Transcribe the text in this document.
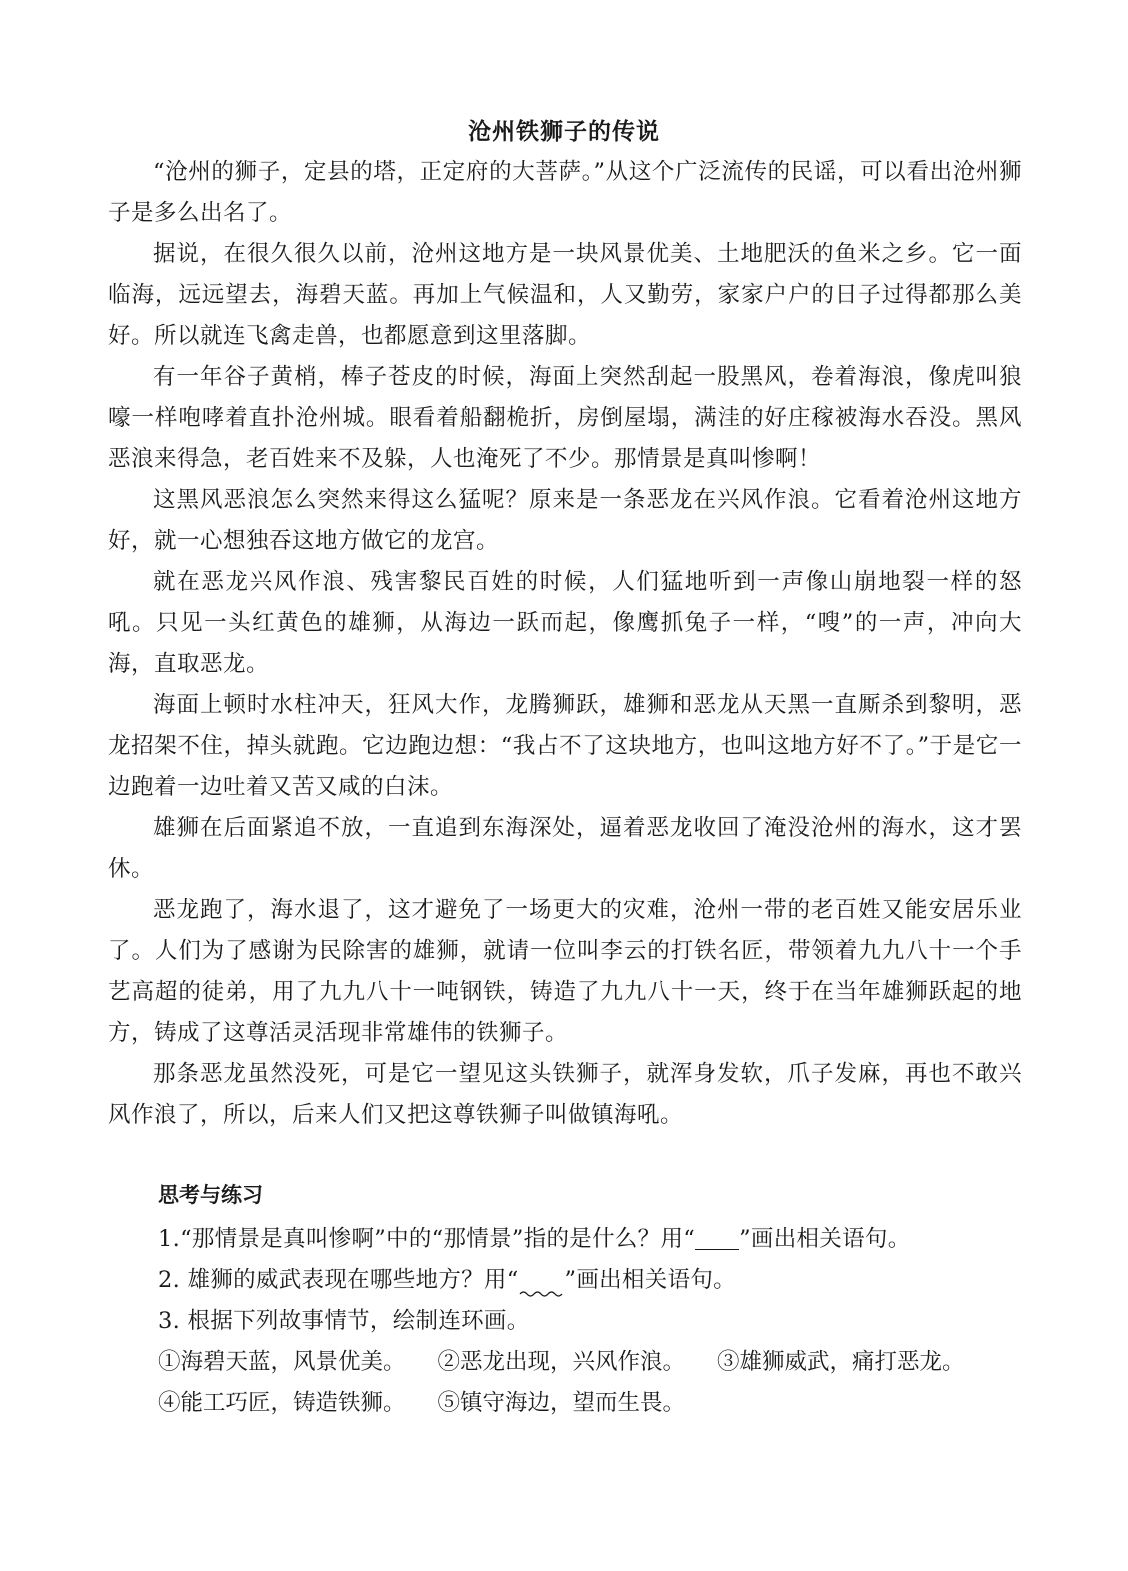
沧州铁狮子的传说

“沧州的狮子，定县的塔，正定府的大菩萨。”从这个广泛流传的民谣，可以看出沧州狮子是多么出名了。

据说，在很久很久以前，沧州这地方是一块风景优美、土地肥沃的鱼米之乡。它一面临海，远远望去，海碧天蓝。再加上气候温和，人又勤劳，家家户户的日子过得都那么美好。所以就连飞禽走兽，也都愿意到这里落脚。

有一年谷子黄梢，棒子苍皮的时候，海面上突然刮起一股黑风，卷着海浪，像虎叫狼嚎一样咆哮着直扑沧州城。眼看着船翻桅折，房倒屋塌，满洼的好庄稼被海水吞没。黑风恶浪来得急，老百姓来不及躲，人也淹死了不少。那情景是真叫惨啊！

这黑风恶浪怎么突然来得这么猛呢？原来是一条恶龙在兴风作浪。它看着沧州这地方好，就一心想独吞这地方做它的龙宫。

就在恶龙兴风作浪、残害黎民百姓的时候，人们猛地听到一声像山崩地裂一样的怒吼。只见一头红黄色的雄狮，从海边一跃而起，像鹰抓兔子一样，“嗖”的一声，冲向大海，直取恶龙。

海面上顿时水柱冲天，狂风大作，龙腾狮跃，雄狮和恶龙从天黑一直厮杀到黎明，恶龙招架不住，掉头就跑。它边跑边想：“我占不了这块地方，也叫这地方好不了。”于是它一边跑着一边吐着又苦又咸的白沫。

雄狮在后面紧追不放，一直追到东海深处，逼着恶龙收回了淹没沧州的海水，这才罢休。

恶龙跑了，海水退了，这才避免了一场更大的灾难，沧州一带的老百姓又能安居乐业了。人们为了感谢为民除害的雄狮，就请一位叫李云的打铁名匠，带领着九九八十一个手艺高超的徒弟，用了九九八十一吨钢铁，铸造了九九八十一天，终于在当年雄狮跃起的地方，铸成了这尊活灵活现非常雄伟的铁狮子。

那条恶龙虽然没死，可是它一望见这头铁狮子，就浑身发软，爪子发麻，再也不敢兴风作浪了，所以，后来人们又把这尊铁狮子叫做镇海吼。

思考与练习
1.“那情景是真叫惨啊”中的“那情景”指的是什么？用“ ”画出相关语句。
2. 雄狮的威武表现在哪些地方？用“ ”画出相关语句。
3. 根据下列故事情节，绘制连环画。
①海碧天蓝，风景优美。 ②恶龙出现，兴风作浪。 ③雄狮威武，痛打恶龙。
④能工巧匠，铸造铁狮。 ⑤镇守海边，望而生畏。
